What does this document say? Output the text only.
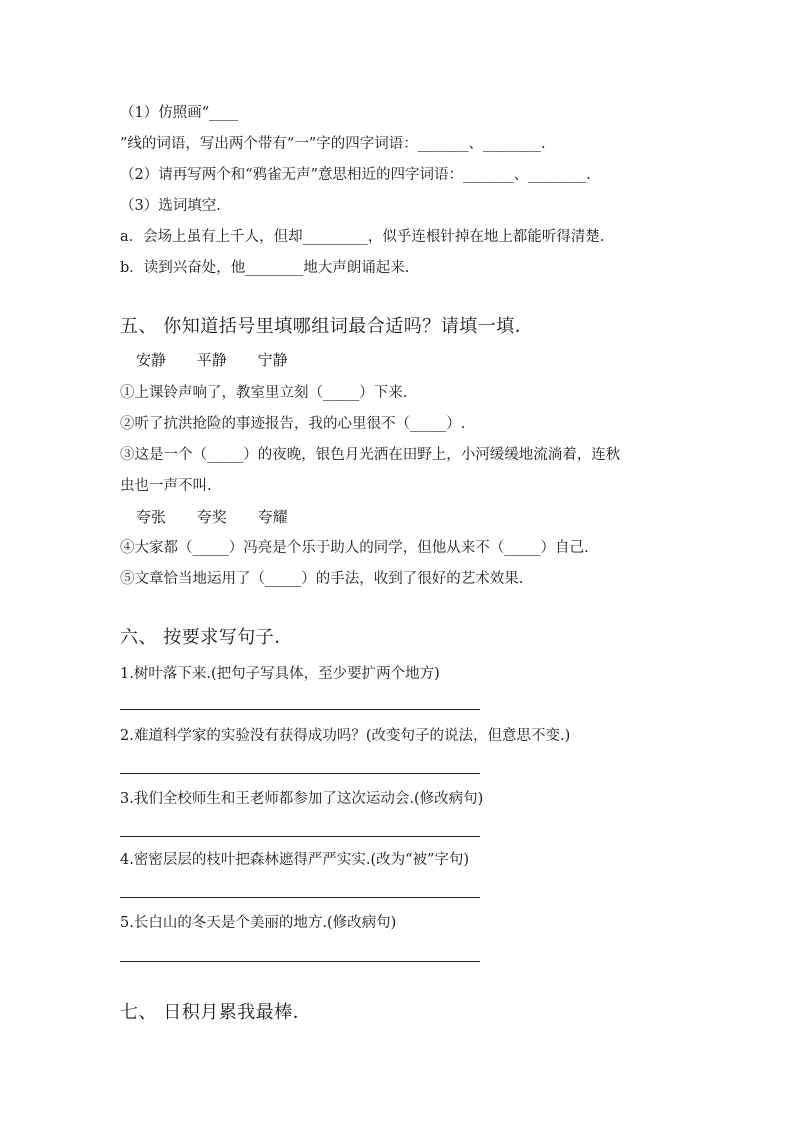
（1）仿照画“____
”线的词语，写出两个带有“一”字的四字词语：_______、________.
（2）请再写两个和“鸦雀无声”意思相近的四字词语：_______、________.
（3）选词填空.
a．会场上虽有上千人，但却_________，似乎连根针掉在地上都能听得清楚.
b．读到兴奋处，他________地大声朗诵起来.
五、 你知道括号里填哪组词最合适吗？请填一填．
安静 平静 宁静
①上课铃声响了，教室里立刻（_____）下来.
②听了抗洪抢险的事迹报告，我的心里很不（_____）.
③这是一个（_____）的夜晚，银色月光洒在田野上，小河缓缓地流淌着，连秋
虫也一声不叫.
夸张 夸奖 夸耀
④大家都（_____）冯亮是个乐于助人的同学，但他从来不（_____）自己.
⑤文章恰当地运用了（_____）的手法，收到了很好的艺术效果.
六、 按要求写句子.
1.树叶落下来.(把句子写具体，至少要扩两个地方)
2.难道科学家的实验没有获得成功吗？(改变句子的说法，但意思不变.)
3.我们全校师生和王老师都参加了这次运动会.(修改病句)
4.密密层层的枝叶把森林遮得严严实实.(改为“被”字句)
5.长白山的冬天是个美丽的地方.(修改病句)
七、 日积月累我最棒．
